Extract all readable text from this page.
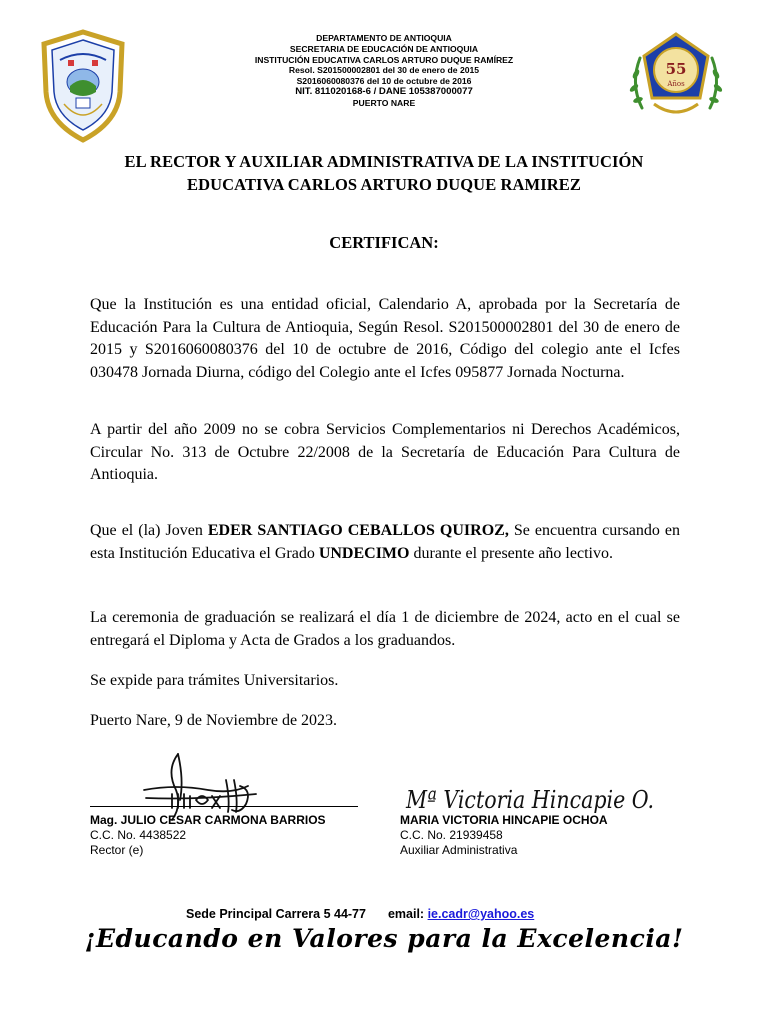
DEPARTAMENTO DE ANTIOQUIA
SECRETARIA DE EDUCACIÓN DE ANTIOQUIA
INSTITUCIÓN EDUCATIVA CARLOS ARTURO DUQUE RAMÍREZ
Resol. S201500002801 del 30 de enero de 2015
S2016060080376 del 10 de octubre de 2016
NIT. 811020168-6 / DANE 105387000077
PUERTO NARE
55
Años
EL RECTOR Y AUXILIAR ADMINISTRATIVA DE LA INSTITUCIÓN
EDUCATIVA CARLOS ARTURO DUQUE RAMIREZ
CERTIFICAN:
Que la Institución es una entidad oficial, Calendario A, aprobada por la Secretaría de Educación Para la Cultura de Antioquia, Según Resol. S201500002801 del 30 de enero de 2015 y S2016060080376 del 10 de octubre de 2016, Código del colegio ante el Icfes 030478 Jornada Diurna, código del Colegio ante el Icfes 095877 Jornada Nocturna.
A partir del año 2009 no se cobra Servicios Complementarios ni Derechos Académicos, Circular No. 313 de Octubre 22/2008 de la Secretaría de Educación Para Cultura de Antioquia.
Que el (la) Joven EDER SANTIAGO CEBALLOS QUIROZ, Se encuentra cursando en esta Institución Educativa el Grado UNDECIMO durante el presente año lectivo.
La ceremonia de graduación se realizará el día 1 de diciembre de 2024, acto en el cual se entregará el Diploma y Acta de Grados a los graduandos.
Se expide para trámites Universitarios.
Puerto Nare, 9 de Noviembre de 2023.
Mª Victoria Hincapie O.
Mag. JULIO CESAR CARMONA BARRIOS
C.C. No. 4438522
Rector (e)
MARIA VICTORIA HINCAPIE OCHOA
C.C. No. 21939458
Auxiliar Administrativa
Sede Principal Carrera 5 44-77 email: ie.cadr@yahoo.es
¡Educando en Valores para la Excelencia!
